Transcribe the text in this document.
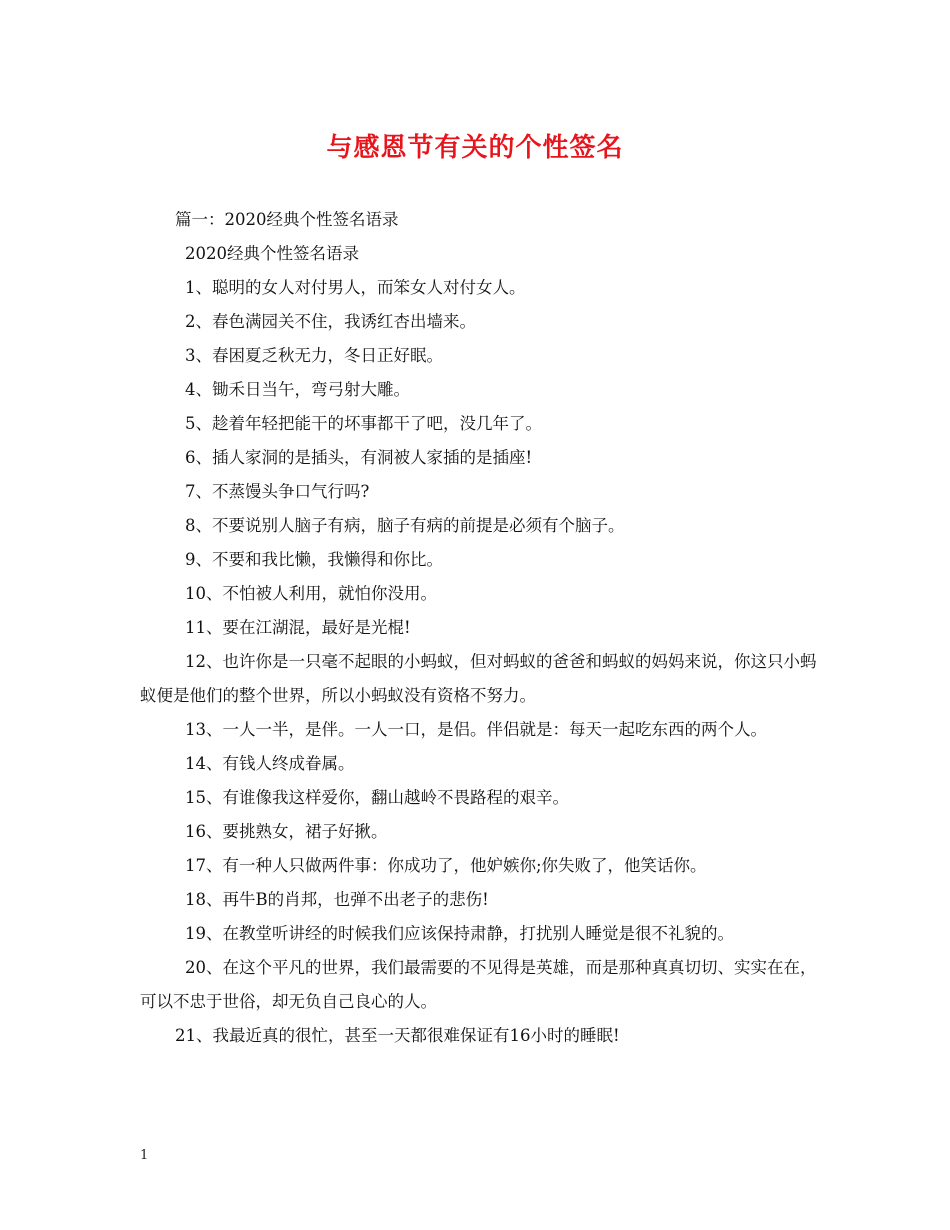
与感恩节有关的个性签名

篇一：2020经典个性签名语录

2020经典个性签名语录

1、聪明的女人对付男人，而笨女人对付女人。

2、春色满园关不住，我诱红杏出墙来。

3、春困夏乏秋无力，冬日正好眠。

4、锄禾日当午，弯弓射大雕。

5、趁着年轻把能干的坏事都干了吧，没几年了。

6、插人家洞的是插头，有洞被人家插的是插座!

7、不蒸馒头争口气行吗?

8、不要说别人脑子有病，脑子有病的前提是必须有个脑子。

9、不要和我比懒，我懒得和你比。

10、不怕被人利用，就怕你没用。

11、要在江湖混，最好是光棍!

12、也许你是一只毫不起眼的小蚂蚁，但对蚂蚁的爸爸和蚂蚁的妈妈来说，你这只小蚂蚁便是他们的整个世界，所以小蚂蚁没有资格不努力。

13、一人一半，是伴。一人一口，是侣。伴侣就是：每天一起吃东西的两个人。

14、有钱人终成眷属。

15、有谁像我这样爱你，翻山越岭不畏路程的艰辛。

16、要挑熟女，裙子好揪。

17、有一种人只做两件事：你成功了，他妒嫉你;你失败了，他笑话你。

18、再牛B的肖邦，也弹不出老子的悲伤!

19、在教堂听讲经的时候我们应该保持肃静，打扰别人睡觉是很不礼貌的。

20、在这个平凡的世界，我们最需要的不见得是英雄，而是那种真真切切、实实在在，可以不忠于世俗，却无负自己良心的人。

21、我最近真的很忙，甚至一天都很难保证有16小时的睡眠!

1
